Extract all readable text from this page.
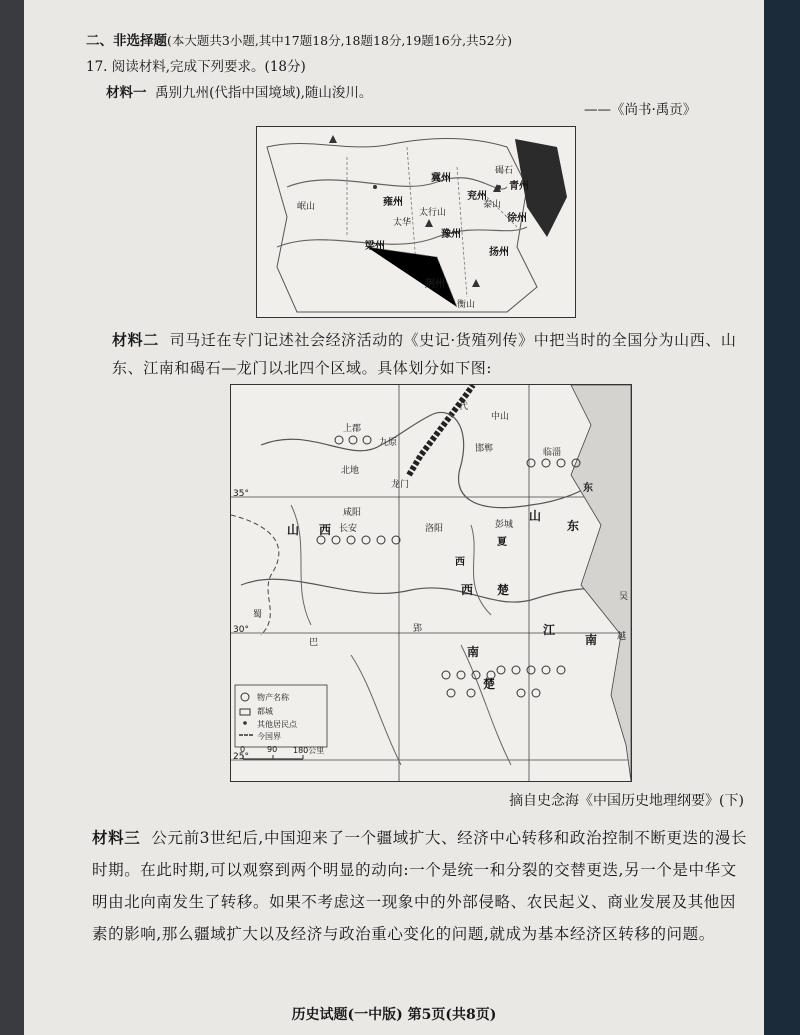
二、非选择题(本大题共3小题,其中17题18分,18题18分,19题16分,共52分)
17. 阅读材料,完成下列要求。(18分)
材料一 禹别九州(代指中国境域),随山浚川。
——《尚书·禹贡》
冀州
兖州
青州
徐州
扬州
荆州
豫州
梁州
雍州
岷山
太华
太行山
泰山
衡山
碣石
材料二 司马迁在专门记述社会经济活动的《史记·货殖列传》中把当时的全国分为山西、山东、江南和碣石—龙门以北四个区域。具体划分如下图:
山 西
山
东
江
南
西 楚
南
楚
北地
上郡
代
中山
邯郸	临淄
咸阳
长安	洛阳	彭城
巴
蜀
郢
吴
越
龙门
九原
东
西
夏
35°
30°
25°
物产名称
都城
其他居民点
今国界
0	90 180公里
摘自史念海《中国历史地理纲要》(下)
材料三 公元前3世纪后,中国迎来了一个疆域扩大、经济中心转移和政治控制不断更迭的漫长时期。在此时期,可以观察到两个明显的动向:一个是统一和分裂的交替更迭,另一个是中华文明由北向南发生了转移。如果不考虑这一现象中的外部侵略、农民起义、商业发展及其他因素的影响,那么疆域扩大以及经济与政治重心变化的问题,就成为基本经济区转移的问题。
历史试题(一中版) 第5页(共8页)
